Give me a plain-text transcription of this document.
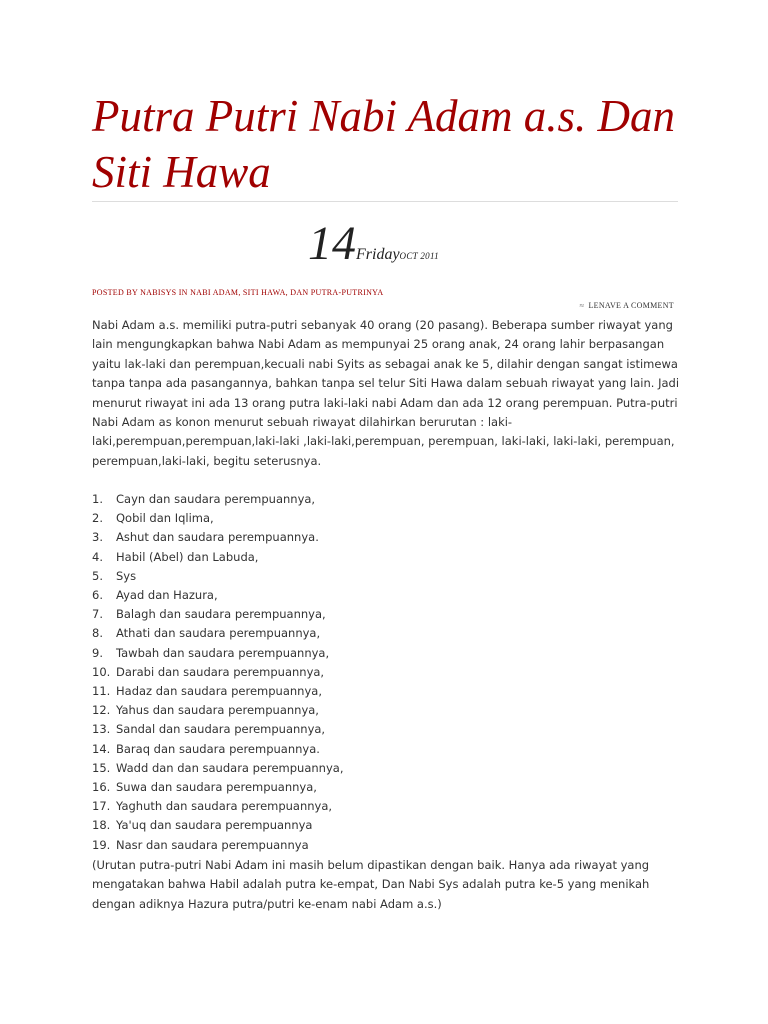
Putra Putri Nabi Adam a.s. Dan Siti Hawa
14FridayOCT 2011
POSTED BY NABISYS IN NABI ADAM, SITI HAWA, DAN PUTRA-PUTRINYA
≈ LENAVE A COMMENT

Nabi Adam a.s. memiliki putra-putri sebanyak 40 orang (20 pasang). Beberapa sumber riwayat yang lain mengungkapkan bahwa Nabi Adam as mempunyai 25 orang anak, 24 orang lahir berpasangan yaitu lak-laki dan perempuan,kecuali nabi Syits as sebagai anak ke 5, dilahir dengan sangat istimewa tanpa tanpa ada pasangannya, bahkan tanpa sel telur Siti Hawa dalam sebuah riwayat yang lain. Jadi menurut riwayat ini ada 13 orang putra laki-laki nabi Adam dan ada 12 orang perempuan. Putra-putri Nabi Adam as konon menurut sebuah riwayat dilahirkan berurutan : laki-laki,perempuan,perempuan,laki-laki ,laki-laki,perempuan, perempuan, laki-laki, laki-laki, perempuan, perempuan,laki-laki, begitu seterusnya.

1. Cayn dan saudara perempuannya,
2. Qobil dan Iqlima,
3. Ashut dan saudara perempuannya.
4. Habil (Abel) dan Labuda,
5. Sys
6. Ayad dan Hazura,
7. Balagh dan saudara perempuannya,
8. Athati dan saudara perempuannya,
9. Tawbah dan saudara perempuannya,
10. Darabi dan saudara perempuannya,
11. Hadaz dan saudara perempuannya,
12. Yahus dan saudara perempuannya,
13. Sandal dan saudara perempuannya,
14. Baraq dan saudara perempuannya.
15. Wadd dan dan saudara perempuannya,
16. Suwa dan saudara perempuannya,
17. Yaghuth dan saudara perempuannya,
18. Ya'uq dan saudara perempuannya
19. Nasr dan saudara perempuannya

(Urutan putra-putri Nabi Adam ini masih belum dipastikan dengan baik. Hanya ada riwayat yang mengatakan bahwa Habil adalah putra ke-empat, Dan Nabi Sys adalah putra ke-5 yang menikah dengan adiknya Hazura putra/putri ke-enam nabi Adam a.s.)
